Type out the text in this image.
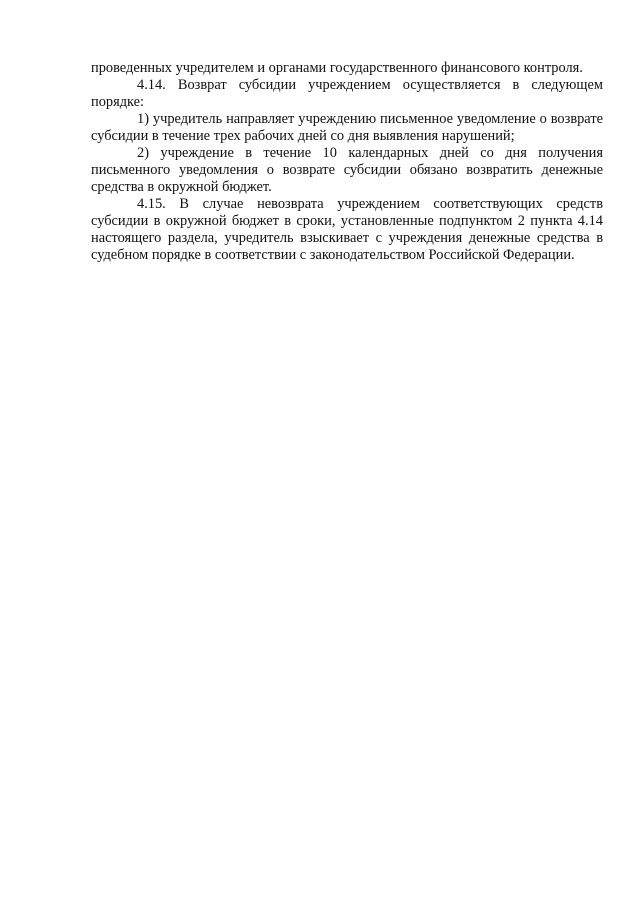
проведенных учредителем и органами государственного финансового контроля.

4.14. Возврат субсидии учреждением осуществляется в следующем порядке:

1) учредитель направляет учреждению письменное уведомление о возврате субсидии в течение трех рабочих дней со дня выявления нарушений;

2) учреждение в течение 10 календарных дней со дня получения письменного уведомления о возврате субсидии обязано возвратить денежные средства в окружной бюджет.

4.15. В случае невозврата учреждением соответствующих средств субсидии в окружной бюджет в сроки, установленные подпунктом 2 пункта 4.14 настоящего раздела, учредитель взыскивает с учреждения денежные средства в судебном порядке в соответствии с законодательством Российской Федерации.
